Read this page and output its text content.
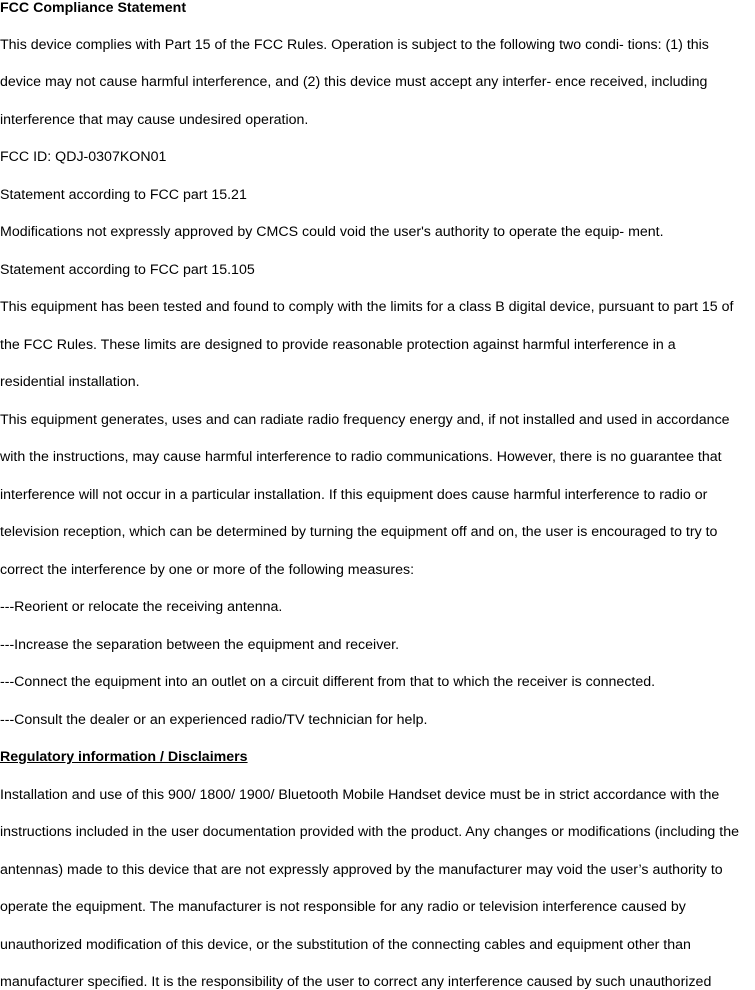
FCC Compliance Statement
This device complies with Part 15 of the FCC Rules. Operation is subject to the following two condi- tions: (1) this
device may not cause harmful interference, and (2) this device must accept any interfer- ence received, including
interference that may cause undesired operation.
FCC ID: QDJ-0307KON01
Statement according to FCC part 15.21
Modifications not expressly approved by CMCS could void the user's authority to operate the equip- ment.
Statement according to FCC part 15.105
This equipment has been tested and found to comply with the limits for a class B digital device, pursuant to part 15 of
the FCC Rules. These limits are designed to provide reasonable protection against harmful interference in a
residential installation.
This equipment generates, uses and can radiate radio frequency energy and, if not installed and used in accordance
with the instructions, may cause harmful interference to radio communications. However, there is no guarantee that
interference will not occur in a particular installation. If this equipment does cause harmful interference to radio or
television reception, which can be determined by turning the equipment off and on, the user is encouraged to try to
correct the interference by one or more of the following measures:
---Reorient or relocate the receiving antenna.
---Increase the separation between the equipment and receiver.
---Connect the equipment into an outlet on a circuit different from that to which the receiver is connected.
---Consult the dealer or an experienced radio/TV technician for help.
Regulatory information / Disclaimers
Installation and use of this 900/ 1800/ 1900/ Bluetooth Mobile Handset device must be in strict accordance with the
instructions included in the user documentation provided with the product. Any changes or modifications (including the
antennas) made to this device that are not expressly approved by the manufacturer may void the user’s authority to
operate the equipment. The manufacturer is not responsible for any radio or television interference caused by
unauthorized modification of this device, or the substitution of the connecting cables and equipment other than
manufacturer specified. It is the responsibility of the user to correct any interference caused by such unauthorized
